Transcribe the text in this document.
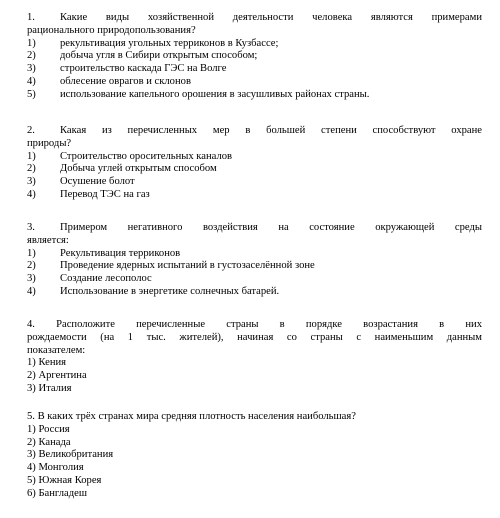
1. Какие виды хозяйственной деятельности человека являются примерами
рационального природопользования?
1)	рекультивация угольных терриконов в Кузбассе;
2)	добыча угля в Сибири открытым способом;
3)	строительство каскада ГЭС на Волге
4)	облесение оврагов и склонов
5)	использование капельного орошения в засушливых районах страны.
2. Какая из перечисленных мер в большей степени способствуют охране
природы?
1)	Строительство оросительных каналов
2)	Добыча углей открытым способом
3)	Осушение болот
4)	Перевод ТЭС на газ
3. Примером негативного воздействия на состояние окружающей среды
является:
1)	Рекультивация терриконов
2)	Проведение ядерных испытаний в густозаселённой зоне
3)	Создание лесополос
4)	Использование в энергетике солнечных батарей.
4. Расположите перечисленные страны в порядке возрастания в них
рождаемости (на 1 тыс. жителей), начиная со страны с наименьшим данным
показателем:
1) Кения
2) Аргентина
3) Италия
5. В каких трёх странах мира средняя плотность населения наибольшая?
1) Россия
2) Канада
3) Великобритания
4) Монголия
5) Южная Корея
6) Бангладеш
